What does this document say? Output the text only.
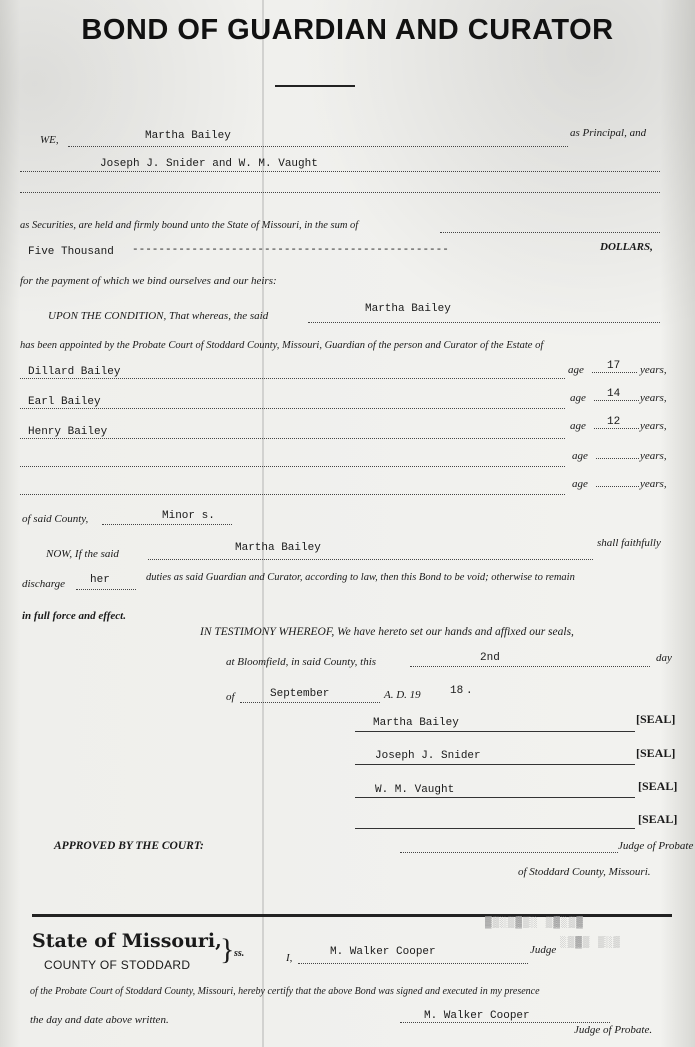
BOND OF GUARDIAN AND CURATOR
WE,	Martha Bailey	as Principal, and
Joseph J. Snider and W. M. Vaught
as Securities, are held and firmly bound unto the State of Missouri, in the sum of
Five Thousand ------------------------------------------------	DOLLARS,
for the payment of which we bind ourselves and our heirs:
UPON THE CONDITION, That whereas, the said
Martha Bailey
has been appointed by the Probate Court of Stoddard County, Missouri, Guardian of the person and Curator of the Estate of
Dillard Bailey	age 17 years,
Earl Bailey	age 14 years,
Henry Bailey	age 12 years,
age	years,
age	years,
of said County,	Minor s.
NOW, If the said	Martha Bailey	shall faithfully
discharge her	duties as said Guardian and Curator, according to law, then this Bond to be void; otherwise to remain
in full force and effect.
IN TESTIMONY WHEREOF, We have hereto set our hands and affixed our seals,
at Bloomfield, in said County, this	2nd	day
of	September	A. D. 19	18 .
Martha Bailey	[SEAL]
Joseph J. Snider	[SEAL]
W. M. Vaught	[SEAL]
[SEAL]
APPROVED BY THE COURT:	Judge of Probate
of Stoddard County, Missouri.
State of Missouri,
COUNTY OF STODDARD } ss.
▓▒░▒▓▒░ ▒▓░▒▓
░▒▓▒ ▒░▒
I,	M. Walker Cooper	Judge
of the Probate Court of Stoddard County, Missouri, hereby certify that the above Bond was signed and executed in my presence
the day and date above written.	M. Walker Cooper
Judge of Probate.
